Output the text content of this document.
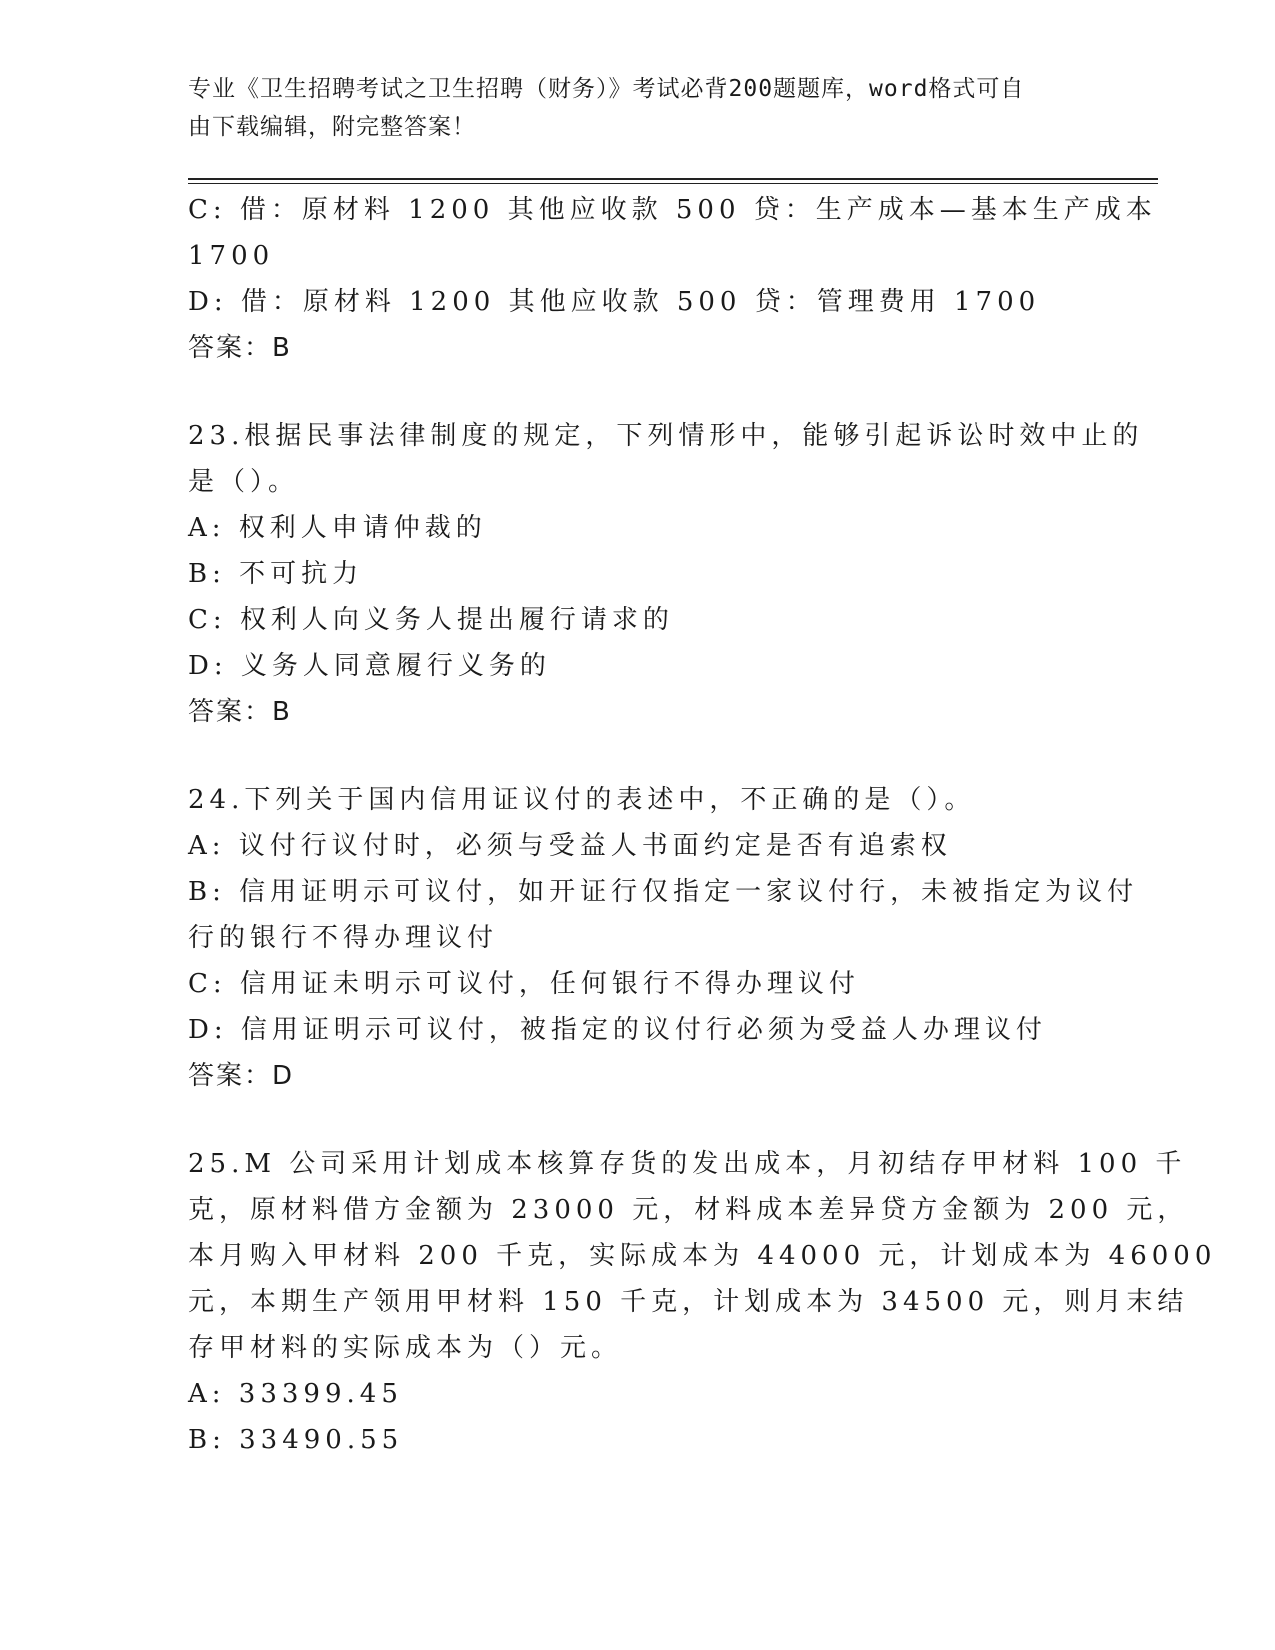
专业《卫生招聘考试之卫生招聘（财务）》考试必背200题题库，word格式可自
由下载编辑，附完整答案！
C: 借：原材料 1200 其他应收款 500 贷：生产成本—基本生产成本
1700
D: 借：原材料 1200 其他应收款 500 贷：管理费用 1700
答案：B
23.根据民事法律制度的规定，下列情形中，能够引起诉讼时效中止的
是（）。
A: 权利人申请仲裁的
B: 不可抗力
C: 权利人向义务人提出履行请求的
D: 义务人同意履行义务的
答案：B
24.下列关于国内信用证议付的表述中，不正确的是（）。
A: 议付行议付时，必须与受益人书面约定是否有追索权
B: 信用证明示可议付，如开证行仅指定一家议付行，未被指定为议付
行的银行不得办理议付
C: 信用证未明示可议付，任何银行不得办理议付
D: 信用证明示可议付，被指定的议付行必须为受益人办理议付
答案：D
25.M 公司采用计划成本核算存货的发出成本，月初结存甲材料 100 千
克，原材料借方金额为 23000 元，材料成本差异贷方金额为 200 元，
本月购入甲材料 200 千克，实际成本为 44000 元，计划成本为 46000
元，本期生产领用甲材料 150 千克，计划成本为 34500 元，则月末结
存甲材料的实际成本为（）元。
A: 33399.45
B: 33490.55
